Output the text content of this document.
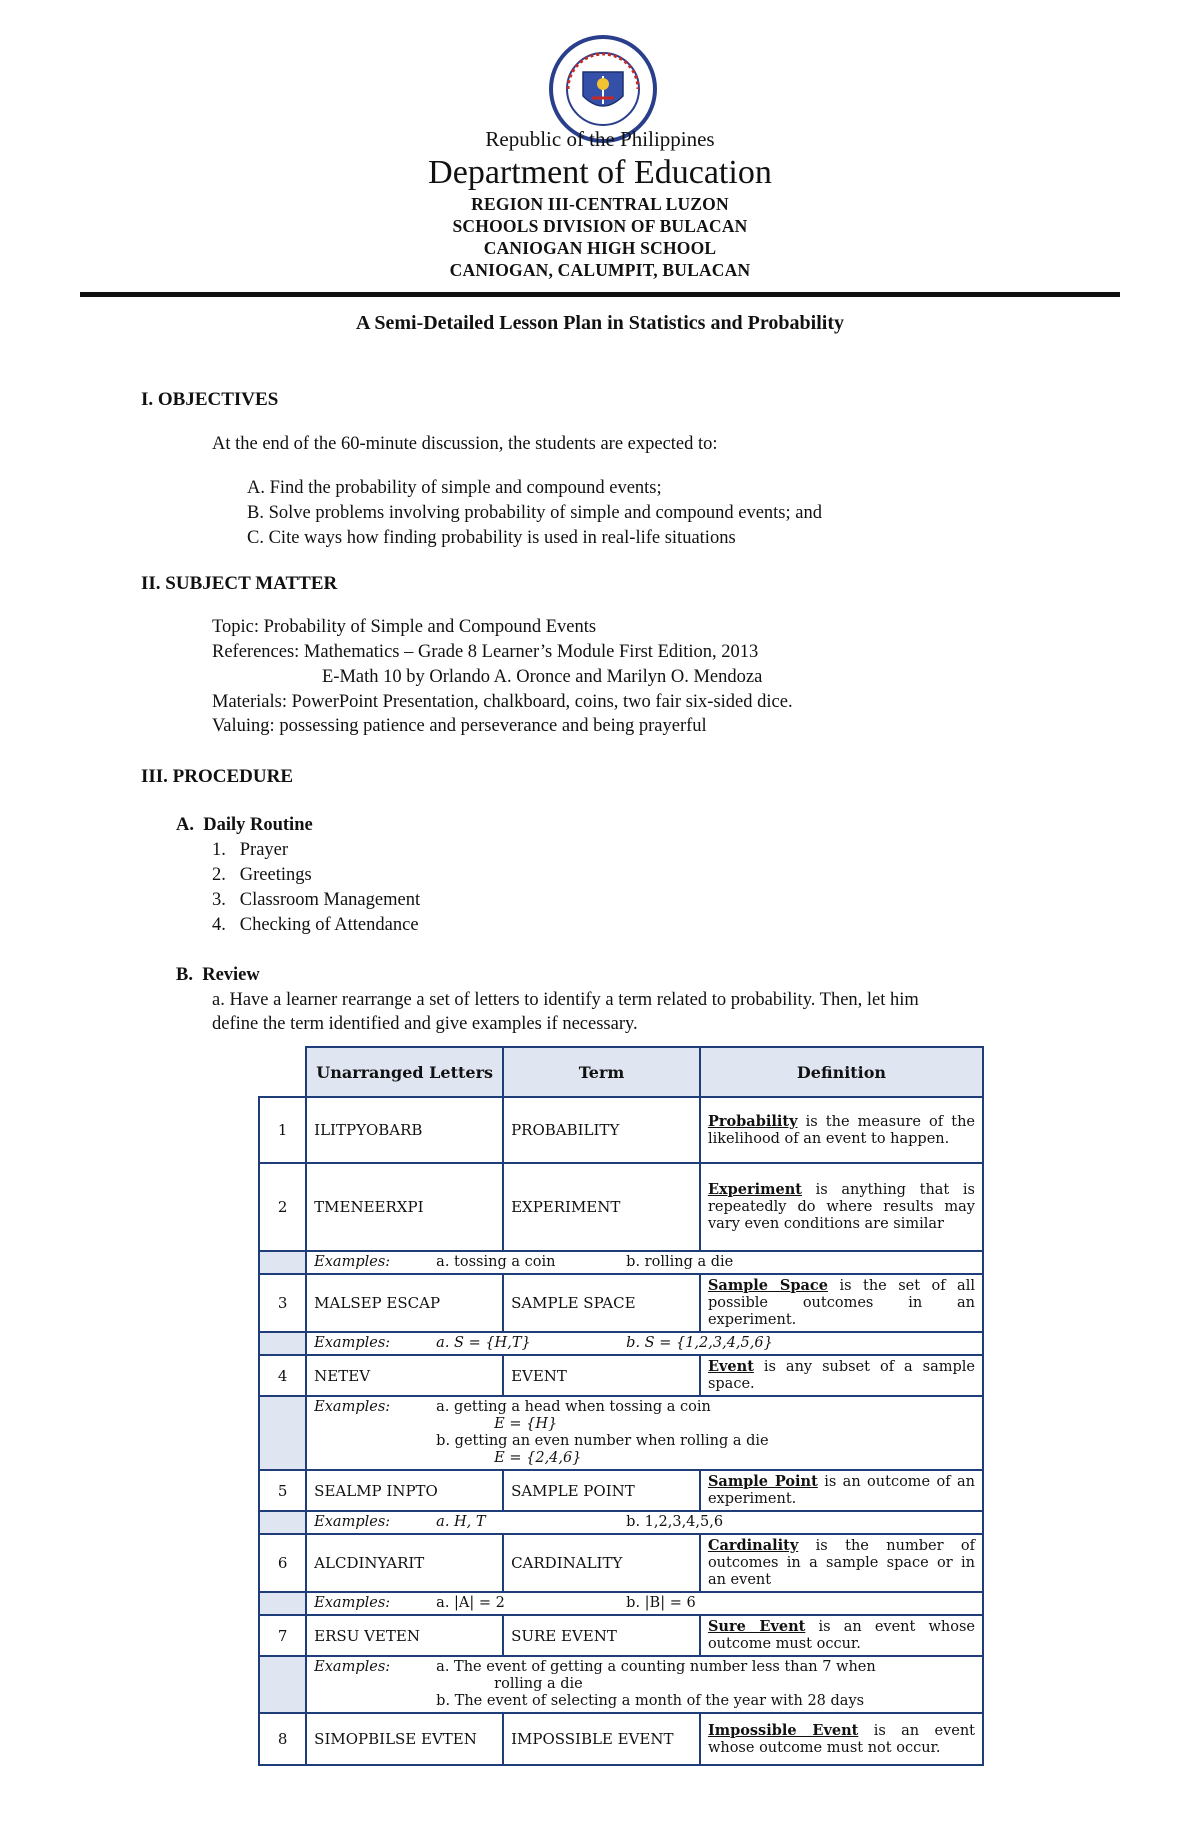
Republic of the Philippines
Department of Education
REGION III-CENTRAL LUZON
SCHOOLS DIVISION OF BULACAN
CANIOGAN HIGH SCHOOL
CANIOGAN, CALUMPIT, BULACAN
A Semi-Detailed Lesson Plan in Statistics and Probability
I. OBJECTIVES
At the end of the 60-minute discussion, the students are expected to:
A. Find the probability of simple and compound events;
B. Solve problems involving probability of simple and compound events; and
C. Cite ways how finding probability is used in real-life situations
II. SUBJECT MATTER
Topic: Probability of Simple and Compound Events
References: Mathematics – Grade 8 Learner’s Module First Edition, 2013
E-Math 10 by Orlando A. Oronce and Marilyn O. Mendoza
Materials: PowerPoint Presentation, chalkboard, coins, two fair six-sided dice.
Valuing: possessing patience and perseverance and being prayerful
III. PROCEDURE
A.  Daily Routine
1.   Prayer
2.   Greetings
3.   Classroom Management
4.   Checking of Attendance
B.  Review
a. Have a learner rearrange a set of letters to identify a term related to probability. Then, let him
define the term identified and give examples if necessary.
	Unarranged Letters	Term	Definition
1	ILITPYOBARB	PROBABILITY	Probability is the measure of the likelihood of an event to happen.
2	TMENEERXPI	EXPERIMENT	Experiment is anything that is repeatedly do where results may vary even conditions are similar
	Examples: a. tossing a coin b. rolling a die		
3	MALSEP ESCAP	SAMPLE SPACE	Sample Space is the set of all possible outcomes in an experiment.
	Examples: a. S = {H,T} b. S = {1,2,3,4,5,6}		
4	NETEV	EVENT	Event is any subset of a sample space.

	Examples: a. getting a head when tossing a coin
E = {H}
b. getting an even number when rolling a die
E = {2,4,6}		

5	SEALMP INPTO	SAMPLE POINT	Sample Point is an outcome of an experiment.
	Examples: a. H, T b. 1,2,3,4,5,6		
6	ALCDINYARIT	CARDINALITY	Cardinality is the number of outcomes in a sample space or in an event
	Examples: a. |A| = 2 b. |B| = 6		
7	ERSU VETEN	SURE EVENT	Sure Event is an event whose outcome must occur.

	Examples: a. The event of getting a counting number less than 7 when
rolling a die
b. The event of selecting a month of the year with 28 days		

8	SIMOPBILSE EVTEN	IMPOSSIBLE EVENT	Impossible Event is an event whose outcome must not occur.
